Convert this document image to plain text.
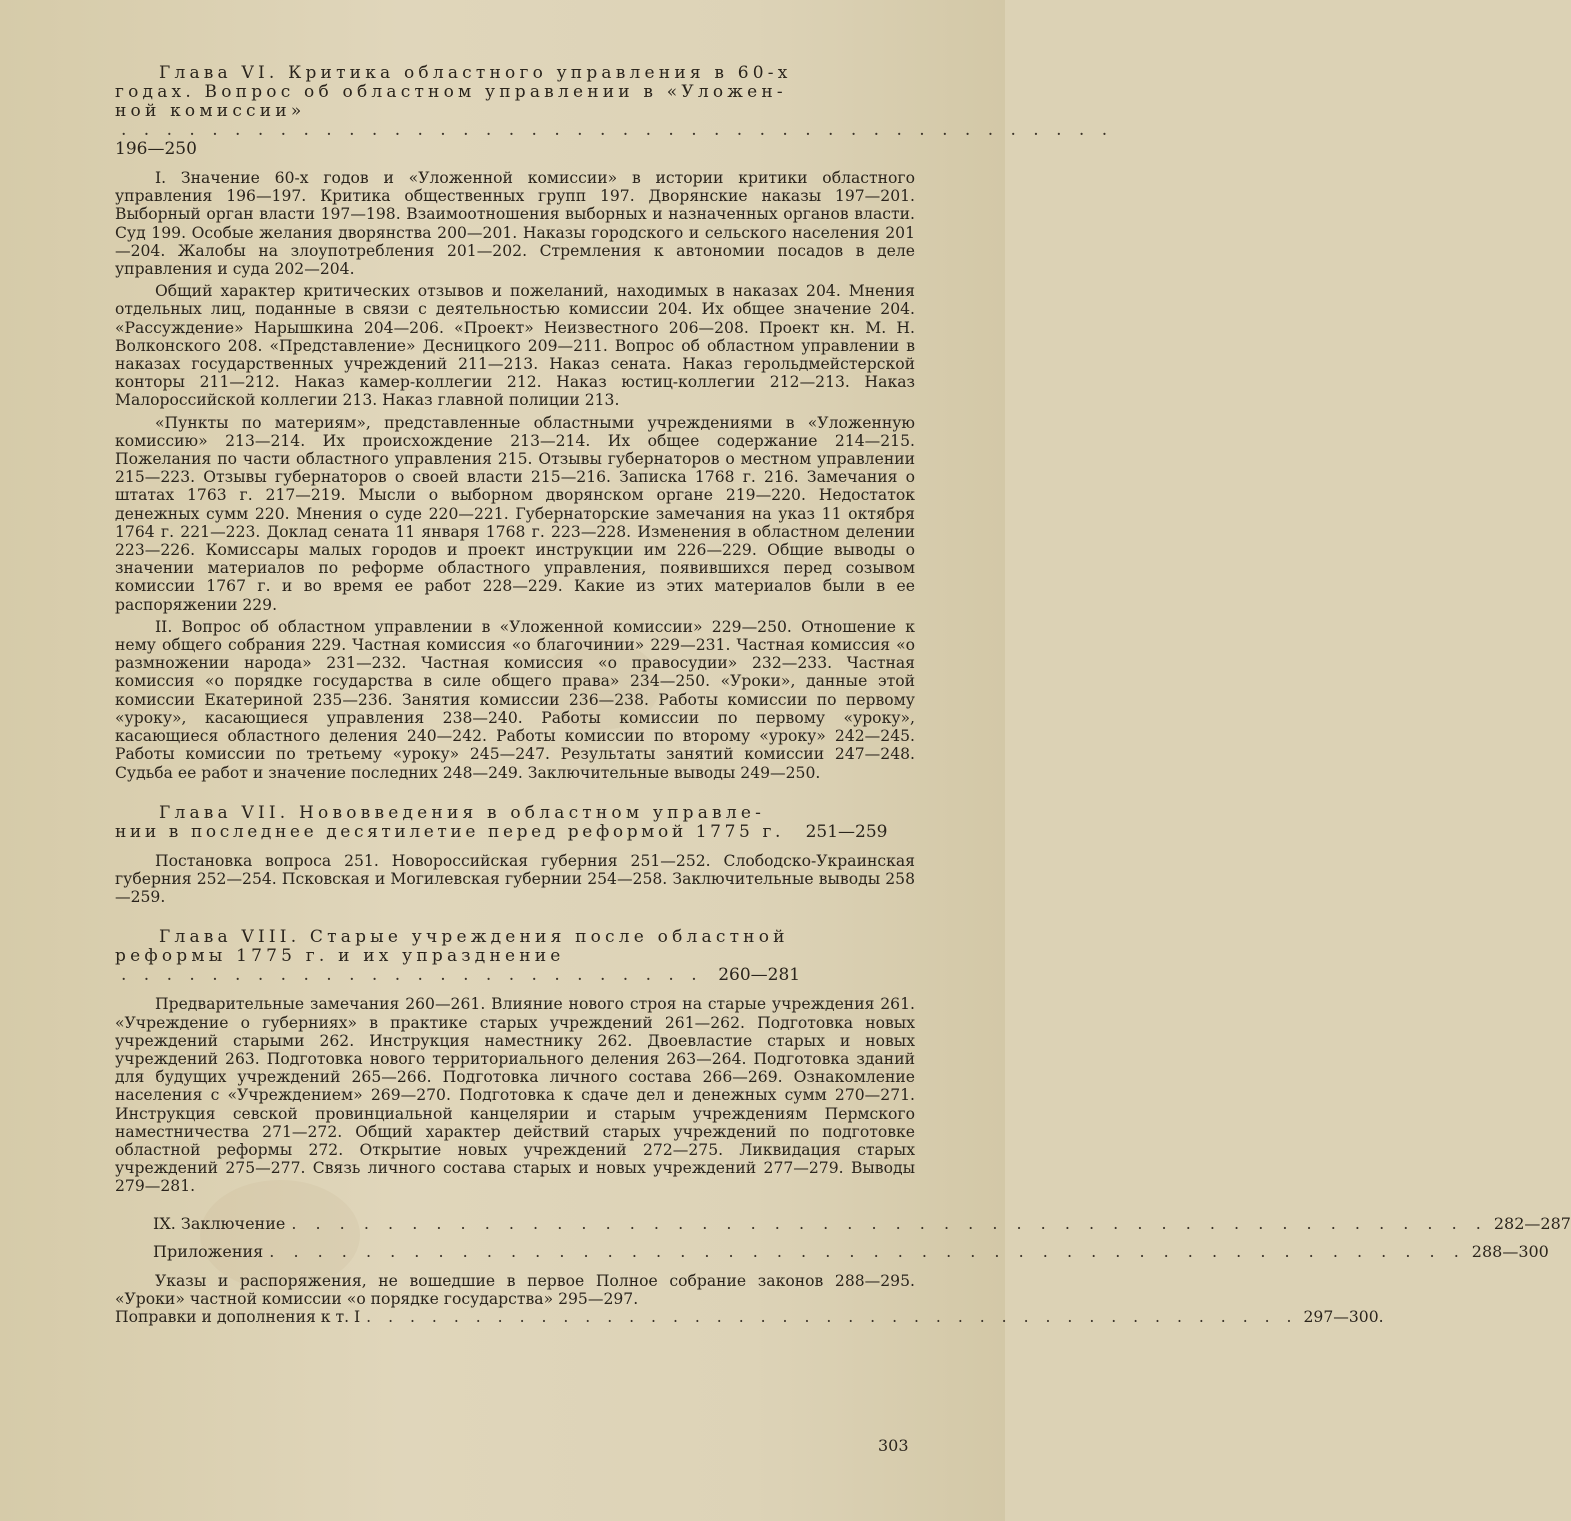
Глава VI. Критика областного управления в 60-х
годах. Вопрос об областном управлении в «Уложен-
ной комиссии» . . . . . . . . . . . . . . . . . . . . . . . . . . . . . . . . . . . . . . . . . . . . 196—250

I. Значение 60-х годов и «Уложенной комиссии» в истории критики областного управления 196—197. Критика общественных групп 197. Дворянские наказы 197—201. Выборный орган власти 197—198. Взаимоотношения выборных и назначенных органов власти. Суд 199. Особые желания дворянства 200—201. Наказы городского и сельского населения 201—204. Жалобы на злоупотребления 201—202. Стремления к автономии посадов в деле управления и суда 202—204.

Общий характер критических отзывов и пожеланий, находимых в наказах 204. Мнения отдельных лиц, поданные в связи с деятельностью комиссии 204. Их общее значение 204. «Рассуждение» Нарышкина 204—206. «Проект» Неизвестного 206—208. Проект кн. М. Н. Волконского 208. «Представление» Десницкого 209—211. Вопрос об областном управлении в наказах государственных учреждений 211—213. Наказ сената. Наказ герольдмейстерской конторы 211—212. Наказ камер-коллегии 212. Наказ юстиц-коллегии 212—213. Наказ Малороссийской коллегии 213. Наказ главной полиции 213.

«Пункты по материям», представленные областными учреждениями в «Уложенную комиссию» 213—214. Их происхождение 213—214. Их общее содержание 214—215. Пожелания по части областного управления 215. Отзывы губернаторов о местном управлении 215—223. Отзывы губернаторов о своей власти 215—216. Записка 1768 г. 216. Замечания о штатах 1763 г. 217—219. Мысли о выборном дворянском органе 219—220. Недостаток денежных сумм 220. Мнения о суде 220—221. Губернаторские замечания на указ 11 октября 1764 г. 221—223. Доклад сената 11 января 1768 г. 223—228. Изменения в областном делении 223—226. Комиссары малых городов и проект инструкции им 226—229. Общие выводы о значении материалов по реформе областного управления, появившихся перед созывом комиссии 1767 г. и во время ее работ 228—229. Какие из этих материалов были в ее распоряжении 229.

II. Вопрос об областном управлении в «Уложенной комиссии» 229—250. Отношение к нему общего собрания 229. Частная комиссия «о благочинии» 229—231. Частная комиссия «о размножении народа» 231—232. Частная комиссия «о правосудии» 232—233. Частная комиссия «о порядке государства в силе общего права» 234—250. «Уроки», данные этой комиссии Екатериной 235—236. Занятия комиссии 236—238. Работы комиссии по первому «уроку», касающиеся управления 238—240. Работы комиссии по первому «уроку», касающиеся областного деления 240—242. Работы комиссии по второму «уроку» 242—245. Работы комиссии по третьему «уроку» 245—247. Результаты занятий комиссии 247—248. Судьба ее работ и значение последних 248—249. Заключительные выводы 249—250.

Глава VII. Нововведения в областном управле-
нии в последнее десятилетие перед реформой 1775 г. 251—259

Постановка вопроса 251. Новороссийская губерния 251—252. Слободско-Украинская губерния 252—254. Псковская и Могилевская губернии 254—258. Заключительные выводы 258—259.

Глава VIII. Старые учреждения после областной
реформы 1775 г. и их упразднение . . . . . . . . . . . . . . . . . . . . . . . . . . 260—281

Предварительные замечания 260—261. Влияние нового строя на старые учреждения 261. «Учреждение о губерниях» в практике старых учреждений 261—262. Подготовка новых учреждений старыми 262. Инструкция наместнику 262. Двоевластие старых и новых учреждений 263. Подготовка нового территориального деления 263—264. Подготовка зданий для будущих учреждений 265—266. Подготовка личного состава 266—269. Ознакомление населения с «Учреждением» 269—270. Подготовка к сдаче дел и денежных сумм 270—271. Инструкция севской провинциальной канцелярии и старым учреждениям Пермского наместничества 271—272. Общий характер действий старых учреждений по подготовке областной реформы 272. Открытие новых учреждений 272—275. Ликвидация старых учреждений 275—277. Связь личного состава старых и новых учреждений 277—279. Выводы 279—281.

IX. Заключение . . . . . . . . . . . . . . . . . . . . . . . . . . . . . . . . . . . . . . . . . . . . . . . . . . 282—287
Приложения . . . . . . . . . . . . . . . . . . . . . . . . . . . . . . . . . . . . . . . . . . . . . . . . . . 288—300

Указы и распоряжения, не вошедшие в первое Полное собрание законов 288—295. «Уроки» частной комиссии «о порядке государства» 295—297.

Поправки и дополнения к т. I . . . . . . . . . . . . . . . . . . . . . . . . . . . . . . . . . . . . . . . . . . . 297—300.
303
